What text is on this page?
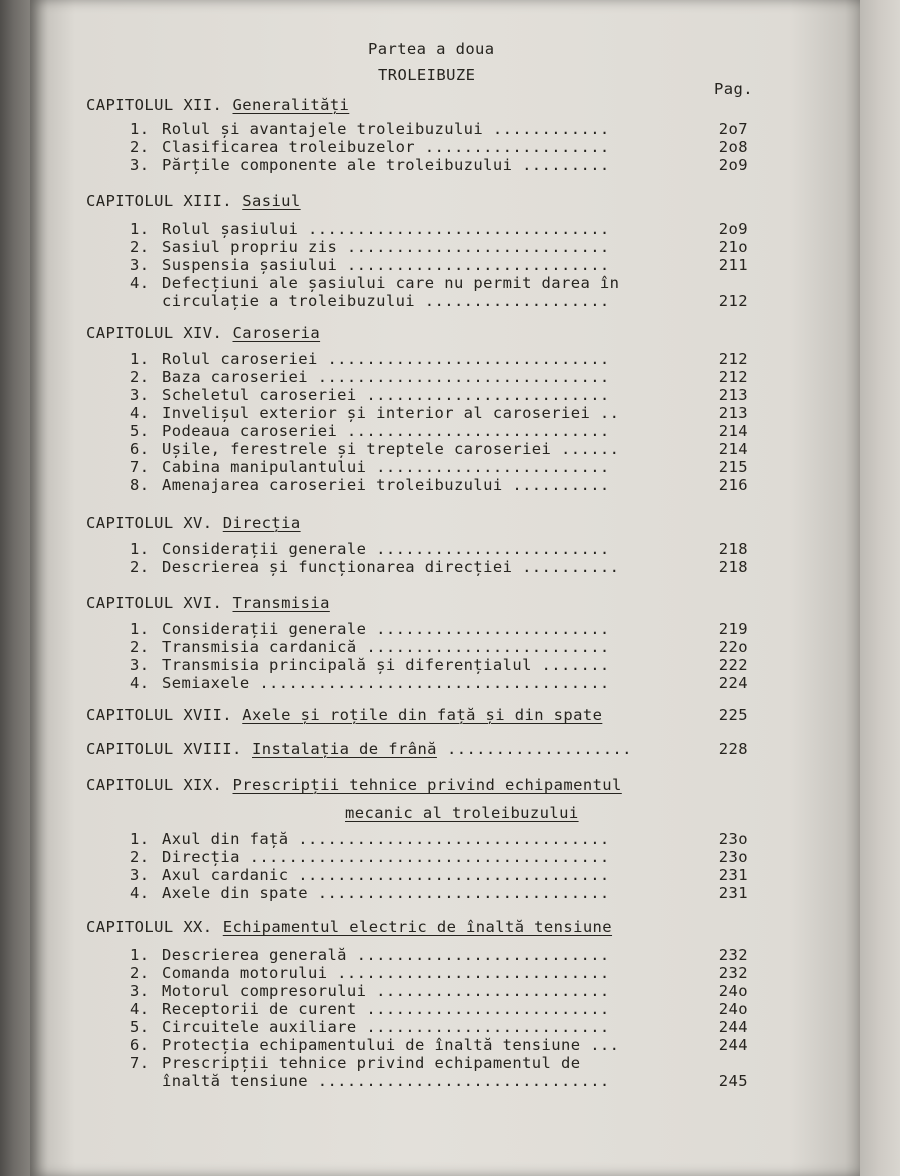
Partea a doua
TROLEIBUZE
Pag.
CAPITOLUL XII. Generalități
1. Rolul și avantajele troleibuzului ............	2o7
2. Clasificarea troleibuzelor ...................	2o8
3. Părțile componente ale troleibuzului .........	2o9
CAPITOLUL XIII. Sasiul
1. Rolul șasiului ...............................	2o9
2. Sasiul propriu zis ...........................	21o
3. Suspensia șasiului ...........................	211
4. Defecțiuni ale șasiului care nu permit darea în
circulație a troleibuzului ...................	212
CAPITOLUL XIV. Caroseria
1. Rolul caroseriei .............................	212
2. Baza caroseriei ..............................	212
3. Scheletul caroseriei .........................	213
4. Invelișul exterior și interior al caroseriei ..	213
5. Podeaua caroseriei ...........................	214
6. Ușile, ferestrele și treptele caroseriei ......	214
7. Cabina manipulantului ........................	215
8. Amenajarea caroseriei troleibuzului ..........	216
CAPITOLUL XV. Direcția
1. Considerații generale ........................	218
2. Descrierea și funcționarea direcției ..........	218
CAPITOLUL XVI. Transmisia
1. Considerații generale ........................	219
2. Transmisia cardanică .........................	22o
3. Transmisia principală și diferențialul .......	222
4. Semiaxele ....................................	224
CAPITOLUL XVII. Axele și roțile din față și din spate	225
CAPITOLUL XVIII. Instalația de frână ...................	228
CAPITOLUL XIX. Prescripții tehnice privind echipamentul
mecanic al troleibuzului
1. Axul din față ................................	23o
2. Direcția .....................................	23o
3. Axul cardanic ................................	231
4. Axele din spate ..............................	231
CAPITOLUL XX. Echipamentul electric de înaltă tensiune
1. Descrierea generală ..........................	232
2. Comanda motorului ............................	232
3. Motorul compresorului ........................	24o
4. Receptorii de curent .........................	24o
5. Circuitele auxiliare .........................	244
6. Protecția echipamentului de înaltă tensiune ...	244
7. Prescripții tehnice privind echipamentul de
înaltă tensiune ..............................	245
